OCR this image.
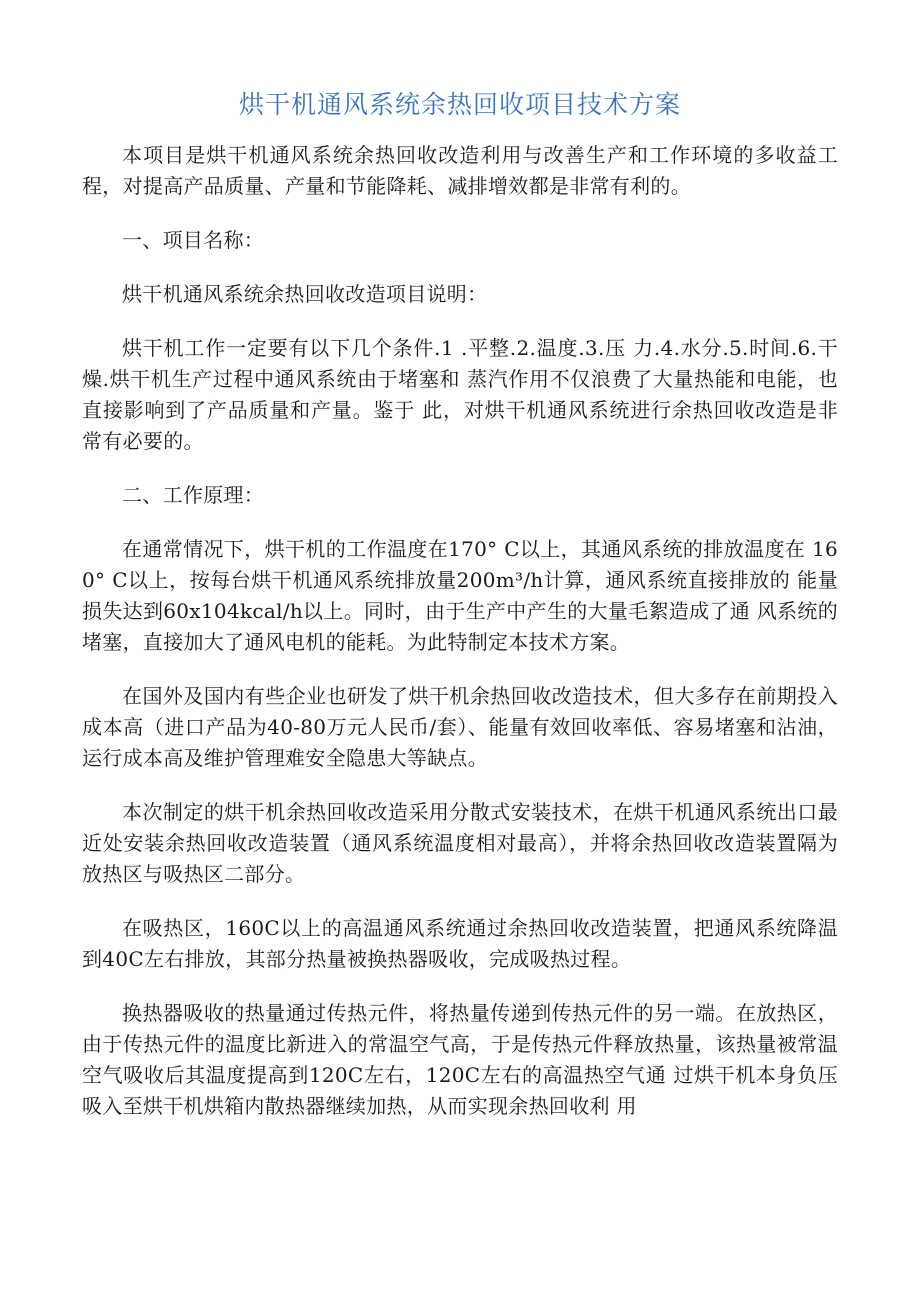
烘干机通风系统余热回收项目技术方案

本项目是烘干机通风系统余热回收改造利用与改善生产和工作环境的多收益工程，对提高产品质量、产量和节能降耗、减排增效都是非常有利的。

一、项目名称：

烘干机通风系统余热回收改造项目说明：

烘干机工作一定要有以下几个条件.1 .平整.2.温度.3.压 力.4.水分.5.时间.6.干燥.烘干机生产过程中通风系统由于堵塞和 蒸汽作用不仅浪费了大量热能和电能，也直接影响到了产品质量和产量。鉴于 此，对烘干机通风系统进行余热回收改造是非常有必要的。

二、工作原理：

在通常情况下，烘干机的工作温度在170° C以上，其通风系统的排放温度在 160° C以上，按每台烘干机通风系统排放量200m³/h计算，通风系统直接排放的 能量损失达到60x104kcal/h以上。同时，由于生产中产生的大量毛絮造成了通 风系统的堵塞，直接加大了通风电机的能耗。为此特制定本技术方案。

在国外及国内有些企业也研发了烘干机余热回收改造技术，但大多存在前期投入成本高（进口产品为40-80万元人民币/套）、能量有效回收率低、容易堵塞和沾油，运行成本高及维护管理难安全隐患大等缺点。

本次制定的烘干机余热回收改造采用分散式安装技术，在烘干机通风系统出口最近处安装余热回收改造装置（通风系统温度相对最高），并将余热回收改造装置隔为放热区与吸热区二部分。

在吸热区，160C以上的高温通风系统通过余热回收改造装置，把通风系统降温到40C左右排放，其部分热量被换热器吸收，完成吸热过程。

换热器吸收的热量通过传热元件，将热量传递到传热元件的另一端。在放热区，由于传热元件的温度比新进入的常温空气高，于是传热元件释放热量，该热量被常温空气吸收后其温度提高到120C左右，120C左右的高温热空气通 过烘干机本身负压吸入至烘干机烘箱内散热器继续加热，从而实现余热回收利 用
